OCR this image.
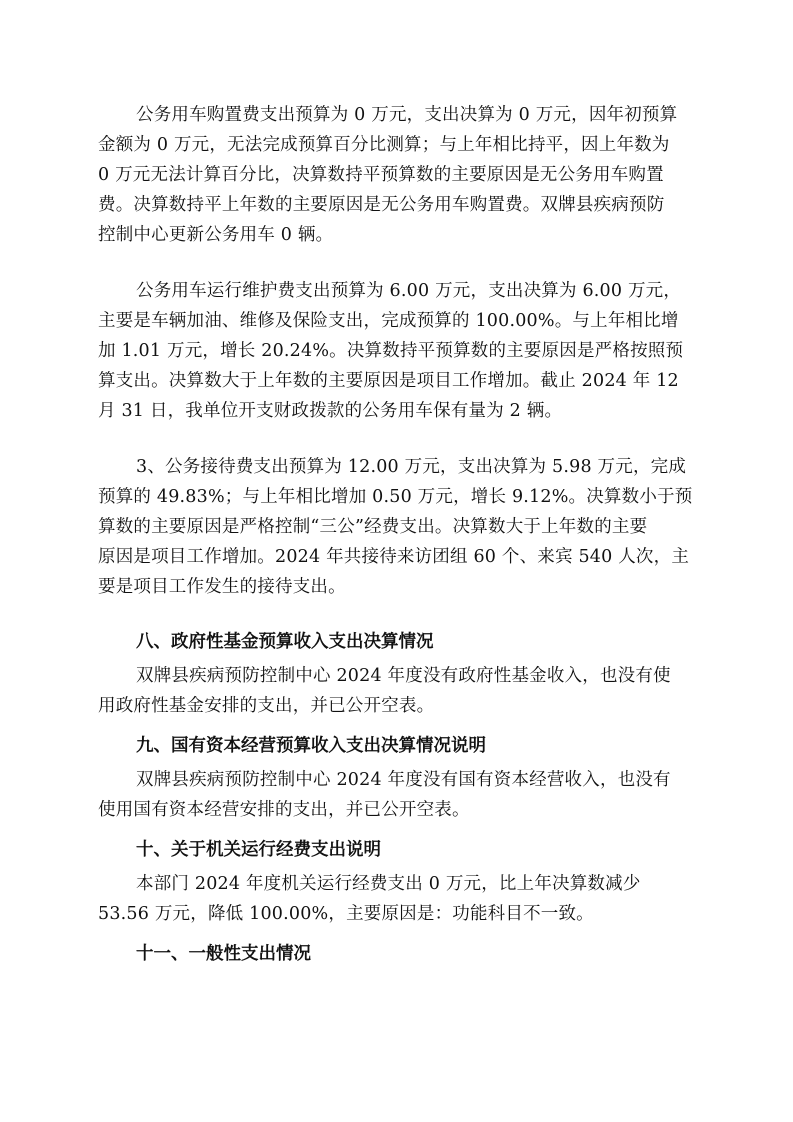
公务用车购置费支出预算为 0 万元，支出决算为 0 万元，因年初预算
金额为 0 万元，无法完成预算百分比测算；与上年相比持平，因上年数为
0 万元无法计算百分比，决算数持平预算数的主要原因是无公务用车购置
费。决算数持平上年数的主要原因是无公务用车购置费。双牌县疾病预防
控制中心更新公务用车 0 辆。
公务用车运行维护费支出预算为 6.00 万元，支出决算为 6.00 万元，
主要是车辆加油、维修及保险支出，完成预算的 100.00%。与上年相比增
加 1.01 万元，增长 20.24%。决算数持平预算数的主要原因是严格按照预
算支出。决算数大于上年数的主要原因是项目工作增加。截止 2024 年 12
月 31 日，我单位开支财政拨款的公务用车保有量为 2 辆。
3、公务接待费支出预算为 12.00 万元，支出决算为 5.98 万元，完成
预算的 49.83%；与上年相比增加 0.50 万元，增长 9.12%。决算数小于预
算数的主要原因是严格控制“三公”经费支出。决算数大于上年数的主要
原因是项目工作增加。2024 年共接待来访团组 60 个、来宾 540 人次，主
要是项目工作发生的接待支出。
八、政府性基金预算收入支出决算情况
双牌县疾病预防控制中心 2024 年度没有政府性基金收入，也没有使
用政府性基金安排的支出，并已公开空表。
九、国有资本经营预算收入支出决算情况说明
双牌县疾病预防控制中心 2024 年度没有国有资本经营收入，也没有
使用国有资本经营安排的支出，并已公开空表。
十、关于机关运行经费支出说明
本部门 2024 年度机关运行经费支出 0 万元，比上年决算数减少
53.56 万元，降低 100.00%，主要原因是：功能科目不一致。
十一、一般性支出情况
